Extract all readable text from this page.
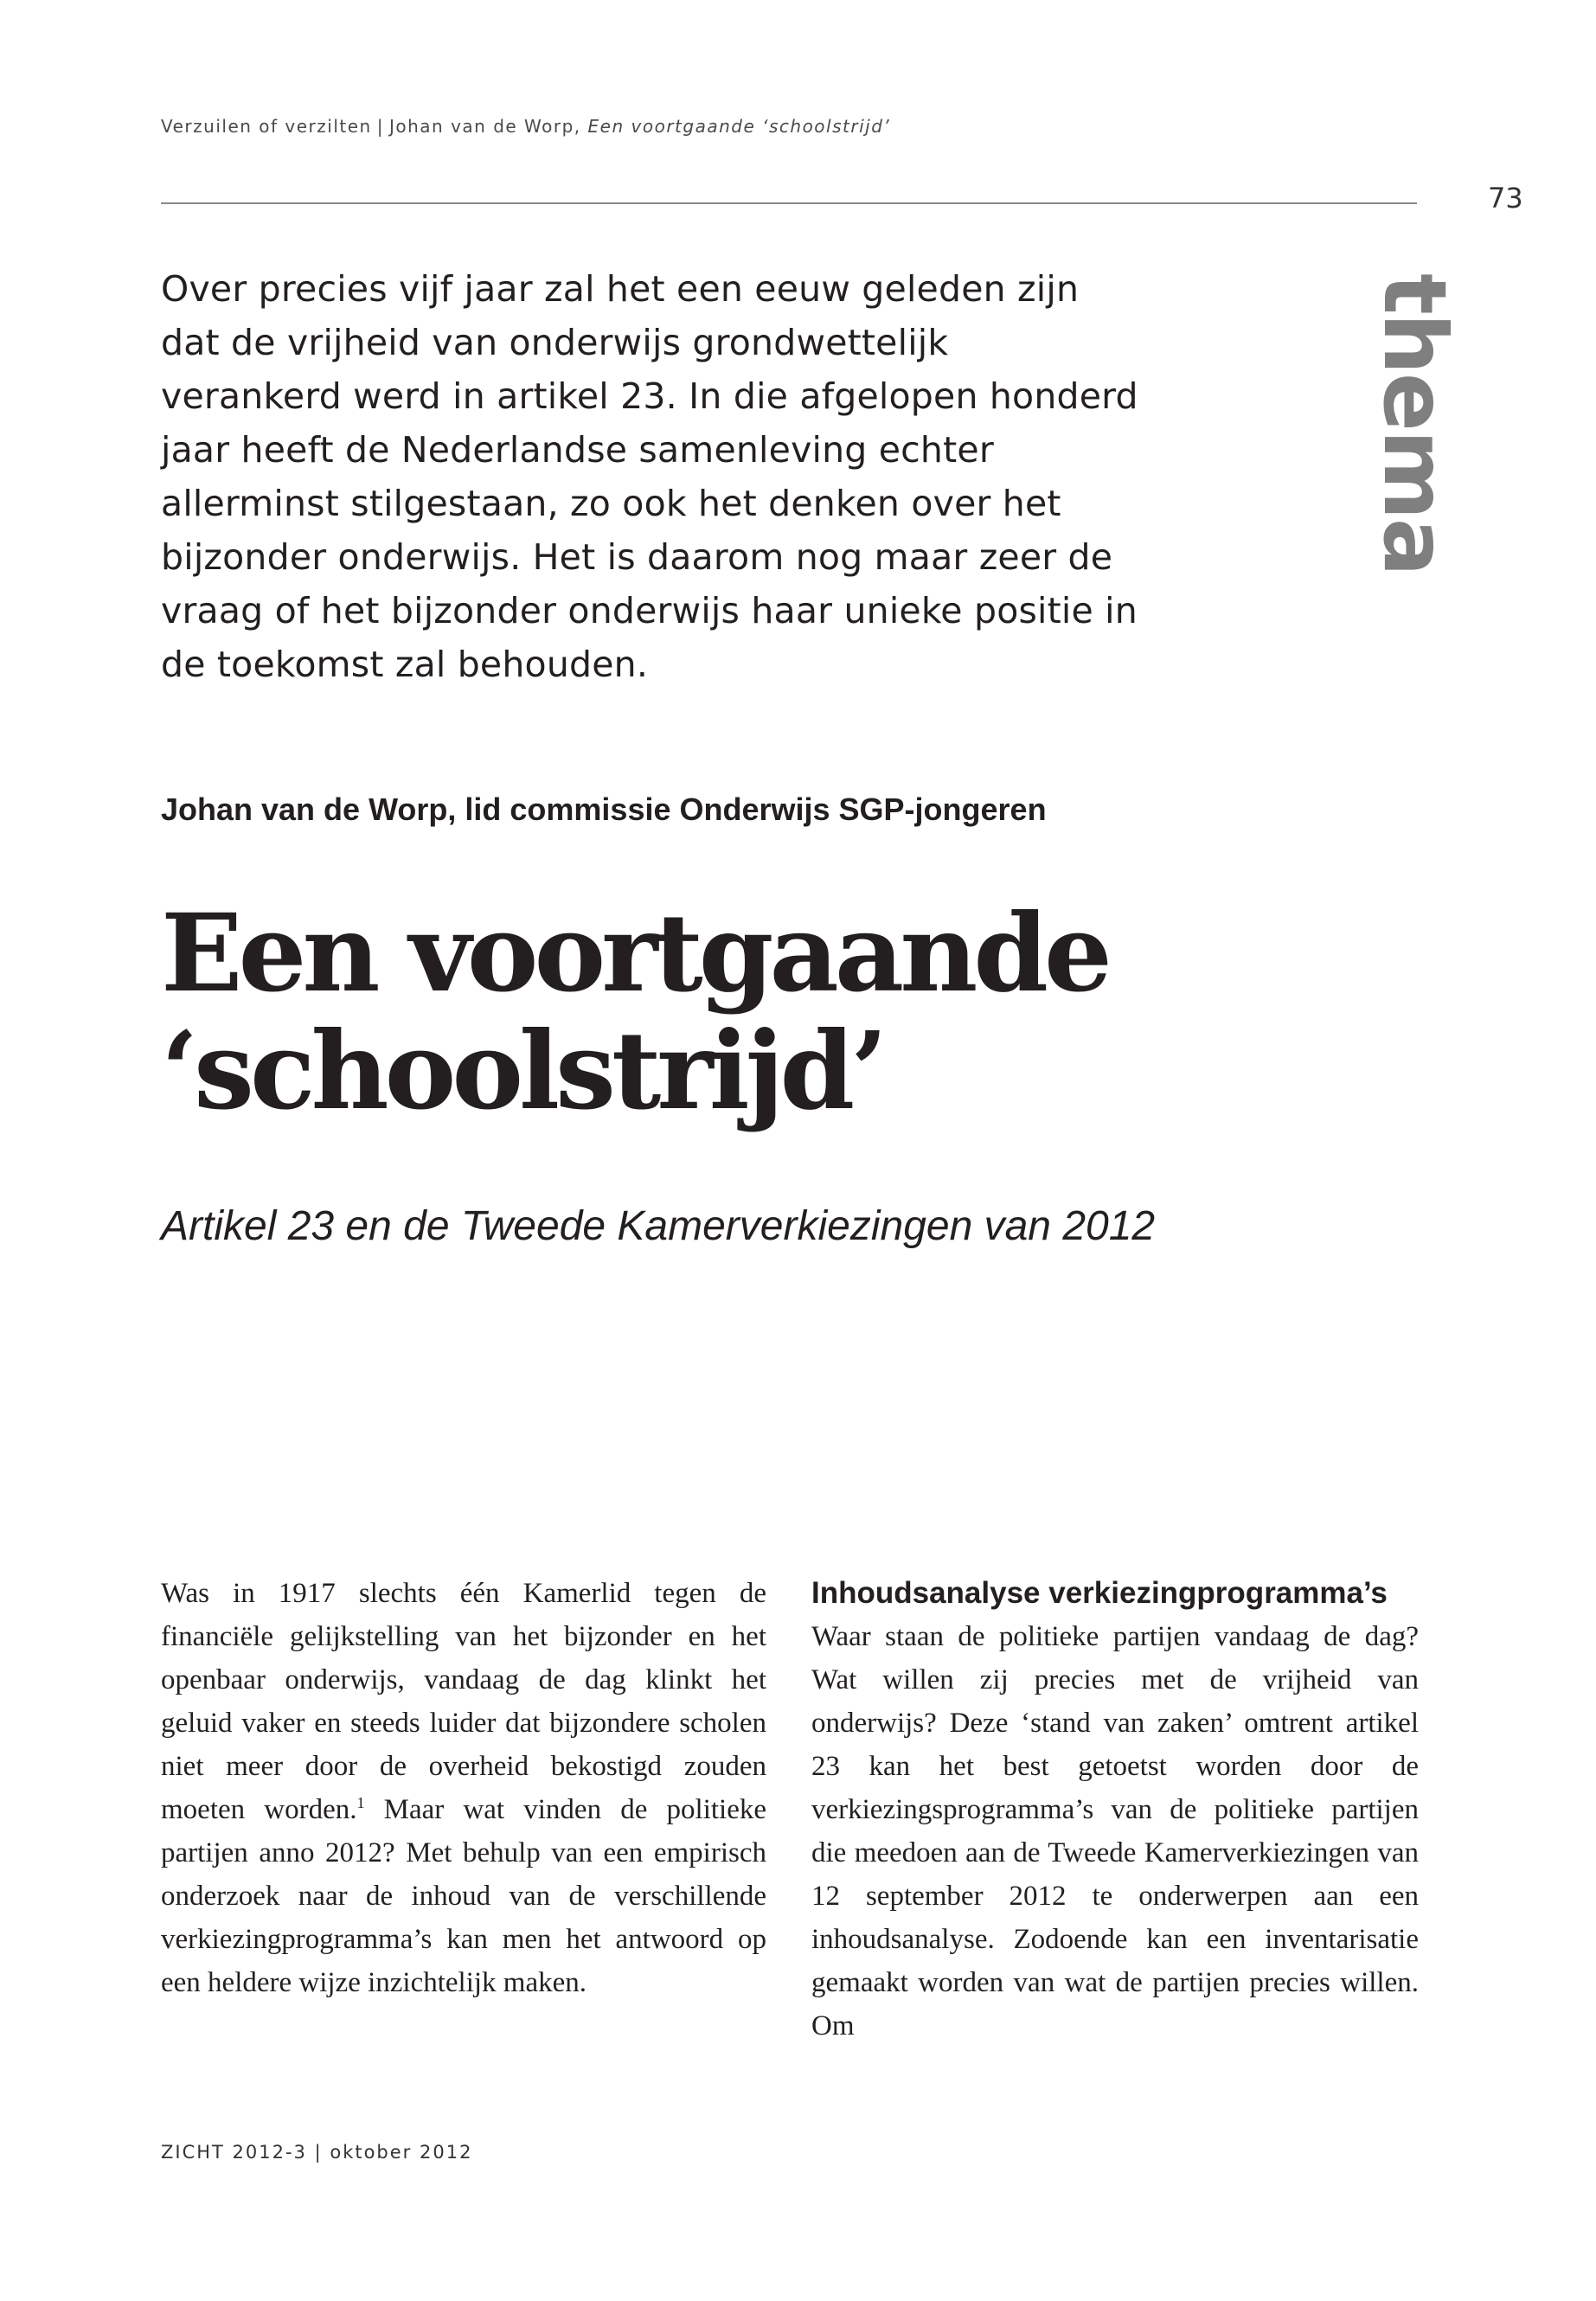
Verzuilen of verzilten | Johan van de Worp, Een voortgaande ‘schoolstrijd’
73
thema

Over precies vijf jaar zal het een eeuw geleden zijn dat de vrijheid van onderwijs grondwettelijk verankerd werd in artikel 23. In die afgelopen honderd jaar heeft de Nederlandse samenleving echter allerminst stilgestaan, zo ook het denken over het bijzonder onderwijs. Het is daarom nog maar zeer de vraag of het bijzonder onderwijs haar unieke positie in de toekomst zal behouden.

Johan van de Worp, lid commissie Onderwijs SGP-jongeren
Een voortgaande
‘schoolstrijd’
Artikel 23 en de Tweede Kamerverkiezingen van 2012

Was in 1917 slechts één Kamerlid tegen de financiële gelijkstelling van het bijzonder en het openbaar onderwijs, vandaag de dag klinkt het geluid vaker en steeds luider dat bijzondere scholen niet meer door de overheid bekostigd zouden moeten worden.$^1$ Maar wat vinden de politieke partijen anno 2012? Met behulp van een empirisch onderzoek naar de inhoud van de verschillende verkiezingprogramma’s kan men het antwoord op een heldere wijze inzichtelijk maken.

Inhoudsanalyse verkiezingprogramma’s

Waar staan de politieke partijen vandaag de dag? Wat willen zij precies met de vrijheid van onderwijs? Deze ‘stand van zaken’ omtrent artikel 23 kan het best getoetst worden door de verkiezingsprogramma’s van de politieke partijen die meedoen aan de Tweede Kamerverkiezingen van 12 september 2012 te onderwerpen aan een inhoudsanalyse. Zodoende kan een inventarisatie gemaakt worden van wat de partijen precies willen. Om

ZICHT 2012-3 | oktober 2012
